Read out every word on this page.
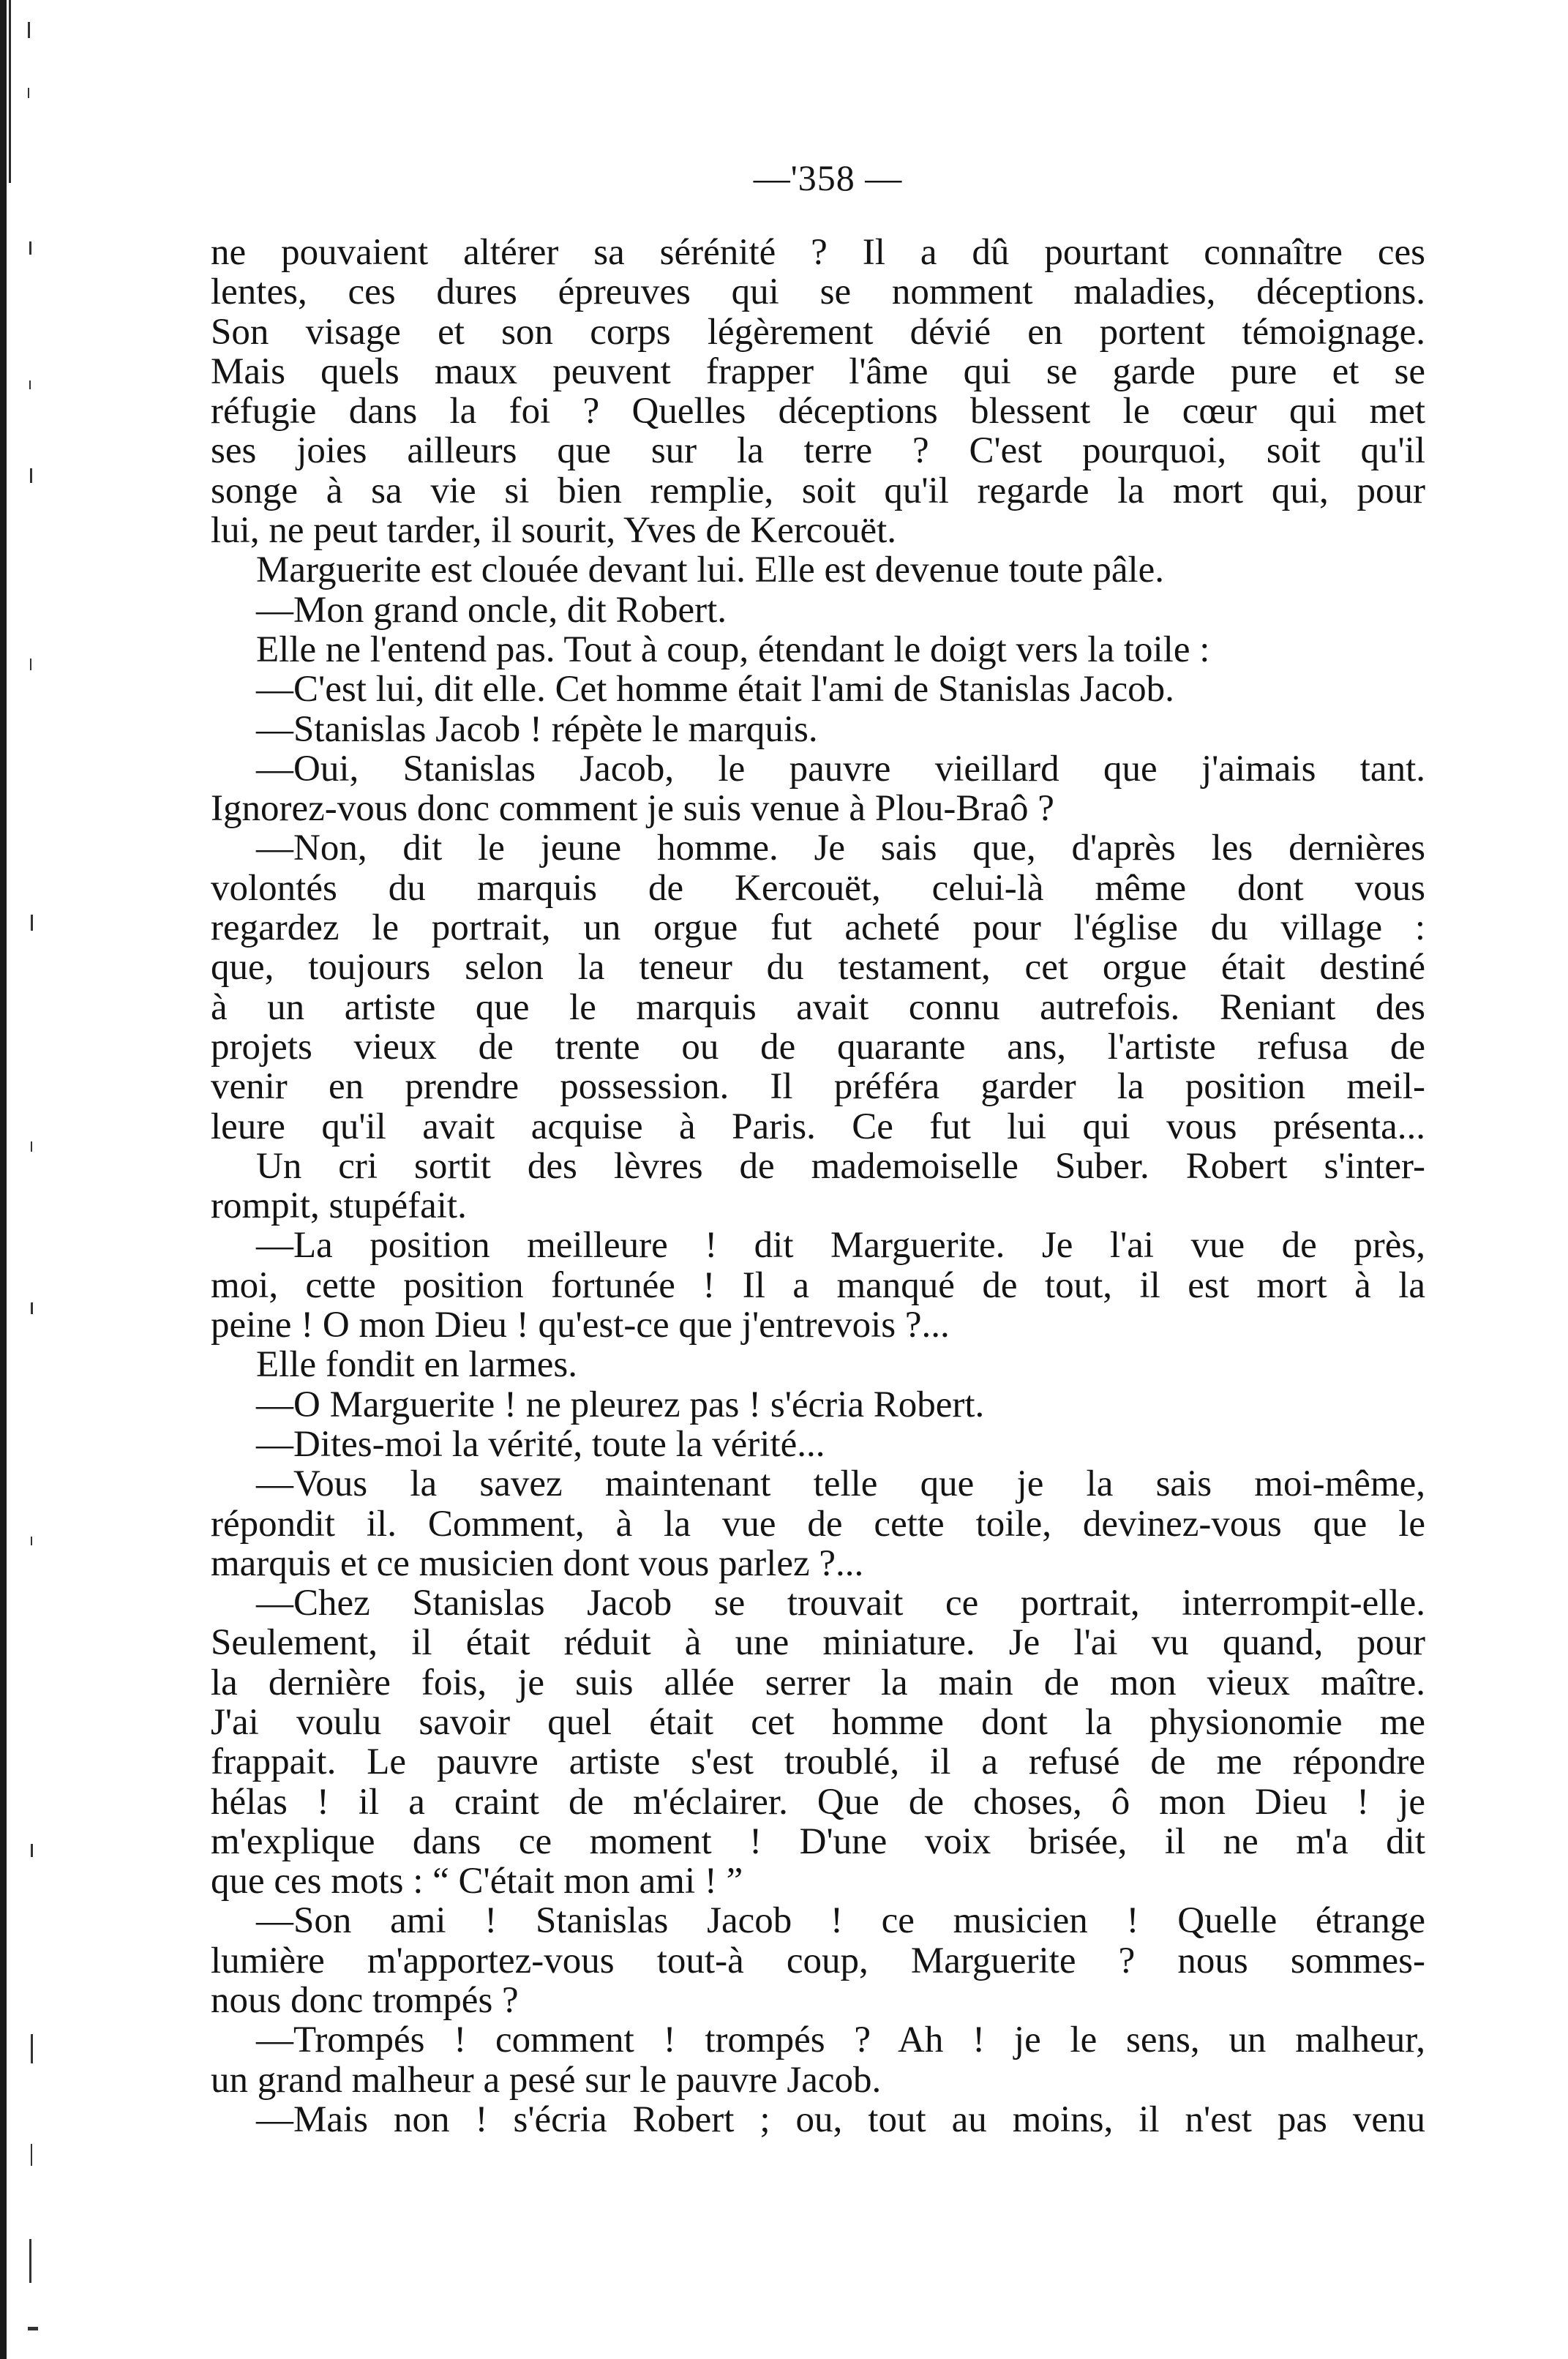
—'358 —
ne pouvaient altérer sa sérénité ? Il a dû pourtant connaître ces
lentes, ces dures épreuves qui se nomment maladies, déceptions.
Son visage et son corps légèrement dévié en portent témoignage.
Mais quels maux peuvent frapper l'âme qui se garde pure et se
réfugie dans la foi ? Quelles déceptions blessent le cœur qui met
ses joies ailleurs que sur la terre ? C'est pourquoi, soit qu'il
songe à sa vie si bien remplie, soit qu'il regarde la mort qui, pour
lui, ne peut tarder, il sourit, Yves de Kercouët.
Marguerite est clouée devant lui. Elle est devenue toute pâle.
—Mon grand oncle, dit Robert.
Elle ne l'entend pas. Tout à coup, étendant le doigt vers la toile :
—C'est lui, dit elle. Cet homme était l'ami de Stanislas Jacob.
—Stanislas Jacob ! répète le marquis.
—Oui, Stanislas Jacob, le pauvre vieillard que j'aimais tant.
Ignorez-vous donc comment je suis venue à Plou-Braô ?
—Non, dit le jeune homme. Je sais que, d'après les dernières
volontés du marquis de Kercouët, celui-là même dont vous
regardez le portrait, un orgue fut acheté pour l'église du village :
que, toujours selon la teneur du testament, cet orgue était destiné
à un artiste que le marquis avait connu autrefois. Reniant des
projets vieux de trente ou de quarante ans, l'artiste refusa de
venir en prendre possession. Il préféra garder la position meil-
leure qu'il avait acquise à Paris. Ce fut lui qui vous présenta...
Un cri sortit des lèvres de mademoiselle Suber. Robert s'inter-
rompit, stupéfait.
—La position meilleure ! dit Marguerite. Je l'ai vue de près,
moi, cette position fortunée ! Il a manqué de tout, il est mort à la
peine ! O mon Dieu ! qu'est-ce que j'entrevois ?...
Elle fondit en larmes.
—O Marguerite ! ne pleurez pas ! s'écria Robert.
—Dites-moi la vérité, toute la vérité...
—Vous la savez maintenant telle que je la sais moi-même,
répondit il. Comment, à la vue de cette toile, devinez-vous que le
marquis et ce musicien dont vous parlez ?...
—Chez Stanislas Jacob se trouvait ce portrait, interrompit-elle.
Seulement, il était réduit à une miniature. Je l'ai vu quand, pour
la dernière fois, je suis allée serrer la main de mon vieux maître.
J'ai voulu savoir quel était cet homme dont la physionomie me
frappait. Le pauvre artiste s'est troublé, il a refusé de me répondre
hélas ! il a craint de m'éclairer. Que de choses, ô mon Dieu ! je
m'explique dans ce moment ! D'une voix brisée, il ne m'a dit
que ces mots : “ C'était mon ami ! ”
—Son ami ! Stanislas Jacob ! ce musicien ! Quelle étrange
lumière m'apportez-vous tout-à coup, Marguerite ? nous sommes-
nous donc trompés ?
—Trompés ! comment ! trompés ? Ah ! je le sens, un malheur,
un grand malheur a pesé sur le pauvre Jacob.
—Mais non ! s'écria Robert ; ou, tout au moins, il n'est pas venu
